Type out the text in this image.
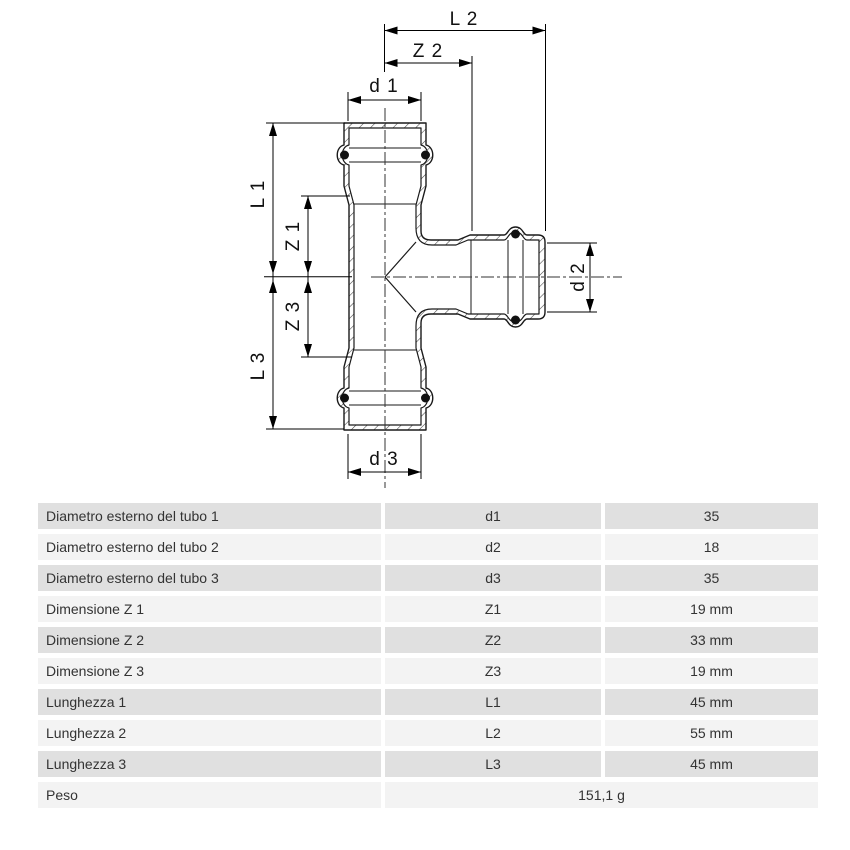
L 2
Z 2
d 1
d 3
L 1
Z 1
Z 3
L 3
d 2
Diametro esterno del tubo 1	d1	35
Diametro esterno del tubo 2	d2	18
Diametro esterno del tubo 3	d3	35
Dimensione Z 1	Z1	19 mm
Dimensione Z 2	Z2	33 mm
Dimensione Z 3	Z3	19 mm
Lunghezza 1	L1	45 mm
Lunghezza 2	L2	55 mm
Lunghezza 3	L3	45 mm
Peso	151,1 g
